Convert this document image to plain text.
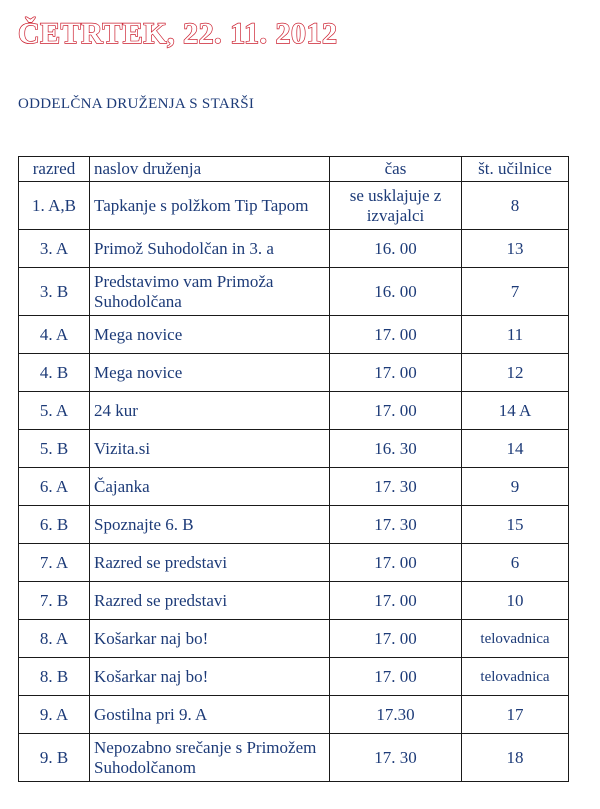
ČETRTEK, 22. 11. 2012
ODDELČNA DRUŽENJA S STARŠI
razred	naslov druženja	čas	št. učilnice
1. A,B	Tapkanje s polžkom Tip Tapom	se usklajuje z izvajalci	8
3. A	Primož Suhodolčan in 3. a	16. 00	13
3. B	Predstavimo vam Primoža Suhodolčana	16. 00	7
4. A	Mega novice	17. 00	11
4. B	Mega novice	17. 00	12
5. A	24 kur	17. 00	14 A
5. B	Vizita.si	16. 30	14
6. A	Čajanka	17. 30	9
6. B	Spoznajte 6. B	17. 30	15
7. A	Razred se predstavi	17. 00	6
7. B	Razred se predstavi	17. 00	10
8. A	Košarkar naj bo!	17. 00	telovadnica
8. B	Košarkar naj bo!	17. 00	telovadnica
9. A	Gostilna pri 9. A	17.30	17
9. B	Nepozabno srečanje s Primožem Suhodolčanom	17. 30	18
